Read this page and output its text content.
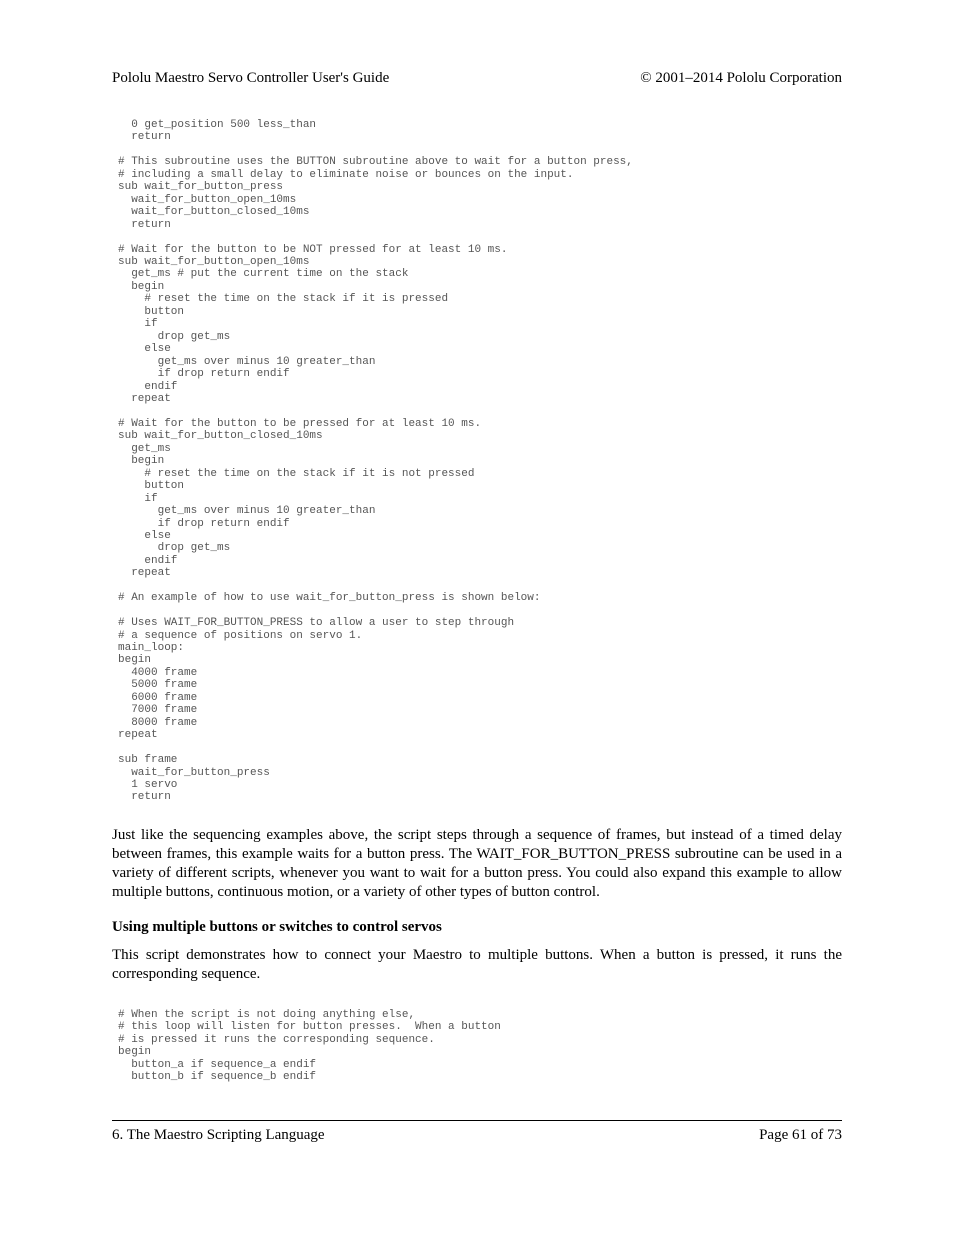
Pololu Maestro Servo Controller User's Guide	© 2001–2014 Pololu Corporation
0 get_position 500 less_than
return

# This subroutine uses the BUTTON subroutine above to wait for a button press,
# including a small delay to eliminate noise or bounces on the input.
sub wait_for_button_press
wait_for_button_open_10ms
wait_for_button_closed_10ms
return

# Wait for the button to be NOT pressed for at least 10 ms.
sub wait_for_button_open_10ms
get_ms # put the current time on the stack
begin
# reset the time on the stack if it is pressed
button
if
drop get_ms
else
get_ms over minus 10 greater_than
if drop return endif
endif
repeat

# Wait for the button to be pressed for at least 10 ms.
sub wait_for_button_closed_10ms
get_ms
begin
# reset the time on the stack if it is not pressed
button
if
get_ms over minus 10 greater_than
if drop return endif
else
drop get_ms
endif
repeat

# An example of how to use wait_for_button_press is shown below:

# Uses WAIT_FOR_BUTTON_PRESS to allow a user to step through
# a sequence of positions on servo 1.
main_loop:
begin
4000 frame
5000 frame
6000 frame
7000 frame
8000 frame
repeat

sub frame
wait_for_button_press
1 servo
return

Just like the sequencing examples above, the script steps through a sequence of frames, but instead of a timed delay between frames, this example waits for a button press. The WAIT_FOR_BUTTON_PRESS subroutine can be used in a variety of different scripts, whenever you want to wait for a button press. You could also expand this example to allow multiple buttons, continuous motion, or a variety of other types of button control.

Using multiple buttons or switches to control servos

This script demonstrates how to connect your Maestro to multiple buttons. When a button is pressed, it runs the corresponding sequence.

# When the script is not doing anything else,
# this loop will listen for button presses.  When a button
# is pressed it runs the corresponding sequence.
begin
button_a if sequence_a endif
button_b if sequence_b endif
6. The Maestro Scripting Language	Page 61 of 73
